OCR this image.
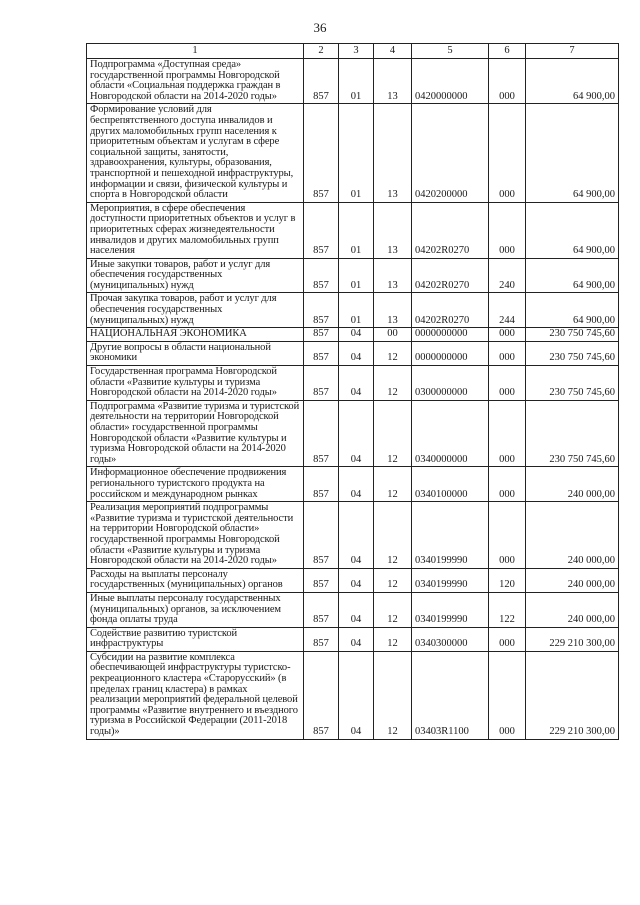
36
1	2	3	4	5	6	7
Подпрограмма «Доступная среда» государственной программы Новгородской области «Социальная поддержка граждан в Новгородской области на 2014-2020 годы»	857	01	13	0420000000	000	64 900,00
Формирование условий для беспрепятственного доступа инвалидов и других маломобильных групп населения к приоритетным объектам и услугам в сфере социальной защиты, занятости, здравоохранения, культуры, образования, транспортной и пешеходной инфраструктуры, информации и связи, физической культуры и спорта в Новгородской области	857	01	13	0420200000	000	64 900,00
Мероприятия, в сфере обеспечения доступности приоритетных объектов и услуг в приоритетных сферах жизнедеятельности инвалидов и других маломобильных групп населения	857	01	13	04202R0270	000	64 900,00
Иные закупки товаров, работ и услуг для обеспечения государственных (муниципальных) нужд	857	01	13	04202R0270	240	64 900,00
Прочая закупка товаров, работ и услуг для обеспечения государственных (муниципальных) нужд	857	01	13	04202R0270	244	64 900,00
НАЦИОНАЛЬНАЯ ЭКОНОМИКА	857	04	00	0000000000	000	230 750 745,60
Другие вопросы в области национальной экономики	857	04	12	0000000000	000	230 750 745,60
Государственная программа Новгородской области «Развитие культуры и туризма Новгородской области на 2014-2020 годы»	857	04	12	0300000000	000	230 750 745,60
Подпрограмма «Развитие туризма и туристской деятельности на территории Новгородской области» государственной программы Новгородской области «Развитие культуры и туризма Новгородской области на 2014-2020 годы»	857	04	12	0340000000	000	230 750 745,60
Информационное обеспечение продвижения регионального туристского продукта на российском и международном рынках	857	04	12	0340100000	000	240 000,00
Реализация мероприятий подпрограммы «Развитие туризма и туристской деятельности на территории Новгородской области» государственной программы Новгородской области «Развитие культуры и туризма Новгородской области на 2014-2020 годы»	857	04	12	0340199990	000	240 000,00
Расходы на выплаты персоналу государственных (муниципальных) органов	857	04	12	0340199990	120	240 000,00
Иные выплаты персоналу государственных (муниципальных) органов, за исключением фонда оплаты труда	857	04	12	0340199990	122	240 000,00
Содействие развитию туристской инфраструктуры	857	04	12	0340300000	000	229 210 300,00
Субсидии на развитие комплекса обеспечивающей инфраструктуры туристско-рекреационного кластера «Старорусский» (в пределах границ кластера) в рамках реализации мероприятий федеральной целевой программы «Развитие внутреннего и въездного туризма в Российской Федерации (2011-2018 годы)»	857	04	12	03403R1100	000	229 210 300,00
